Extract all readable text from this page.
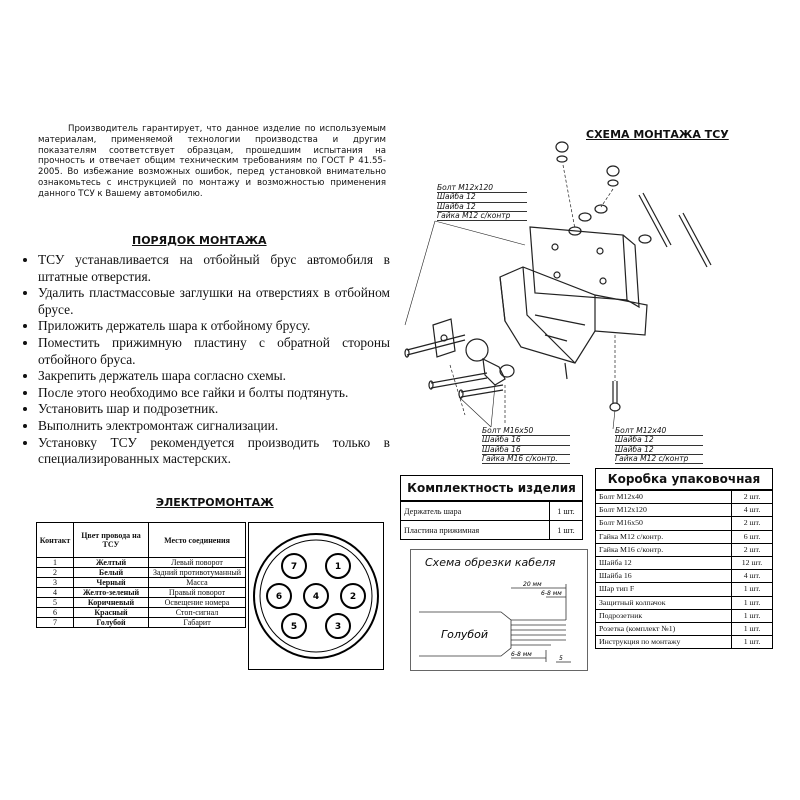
Производитель гарантирует, что данное изделие по используемым материалам, применяемой технологии производства и другим показателям соответствует образцам, прошедшим испытания на прочность и отвечает общим техническим требованиям по ГОСТ Р 41.55-2005. Во избежание возможных ошибок, перед установкой внимательно ознакомьтесь с инструкцией по монтажу и возможностью применения данного ТСУ к Вашему автомобилю.

ПОРЯДОК МОНТАЖА
• ТСУ устанавливается на отбойный брус автомобиля в штатные отверстия.
• Удалить пластмассовые заглушки на отверстиях в отбойном брусе.
• Приложить держатель шара к отбойному брусу.
• Поместить прижимную пластину с обратной стороны отбойного бруса.
• Закрепить держатель шара согласно схемы.
• После этого необходимо все гайки и болты подтянуть.
• Установить шар и подрозетник.
• Выполнить электромонтаж сигнализации.
• Установку ТСУ рекомендуется производить только в специализированных мастерских.
ЭЛЕКТРОМОНТАЖ
Контакт	Цвет провода на ТСУ	Место соединения
1	Желтый	Левый поворот
2	Белый	Задний противотуманный
3	Черный	Масса
4	Желто-зеленый	Правый поворот
5	Коричневый	Освещение номера
6	Красный	Стоп-сигнал
7	Голубой	Габарит
7	1
6	4	2
5	3
СХЕМА МОНТАЖА ТСУ
Болт М12х120
Шайба 12
Шайба 12
Гайка М12 с/контр
Болт М16х50
Шайба 16
Шайба 16
Гайка М16 с/контр.
Болт М12х40
Шайба 12
Шайба 12
Гайка М12 с/контр
Комплектность изделия
Держатель шара	1 шт.
Пластина прижимная	1 шт.
Схема обрезки кабеля
20 мм
6-8 мм
6-8 мм
5
Голубой
Коробка упаковочная
Болт М12х40	2 шт.
Болт М12х120	4 шт.
Болт М16х50	2 шт.
Гайка М12 с/контр.	6 шт.
Гайка М16 с/контр.	2 шт.
Шайба 12	12 шт.
Шайба 16	4 шт.
Шар тип F	1 шт.
Защитный колпачок	1 шт.
Подрозетник	1 шт.
Розетка (комплект №1)	1 шт.
Инструкция по монтажу	1 шт.
